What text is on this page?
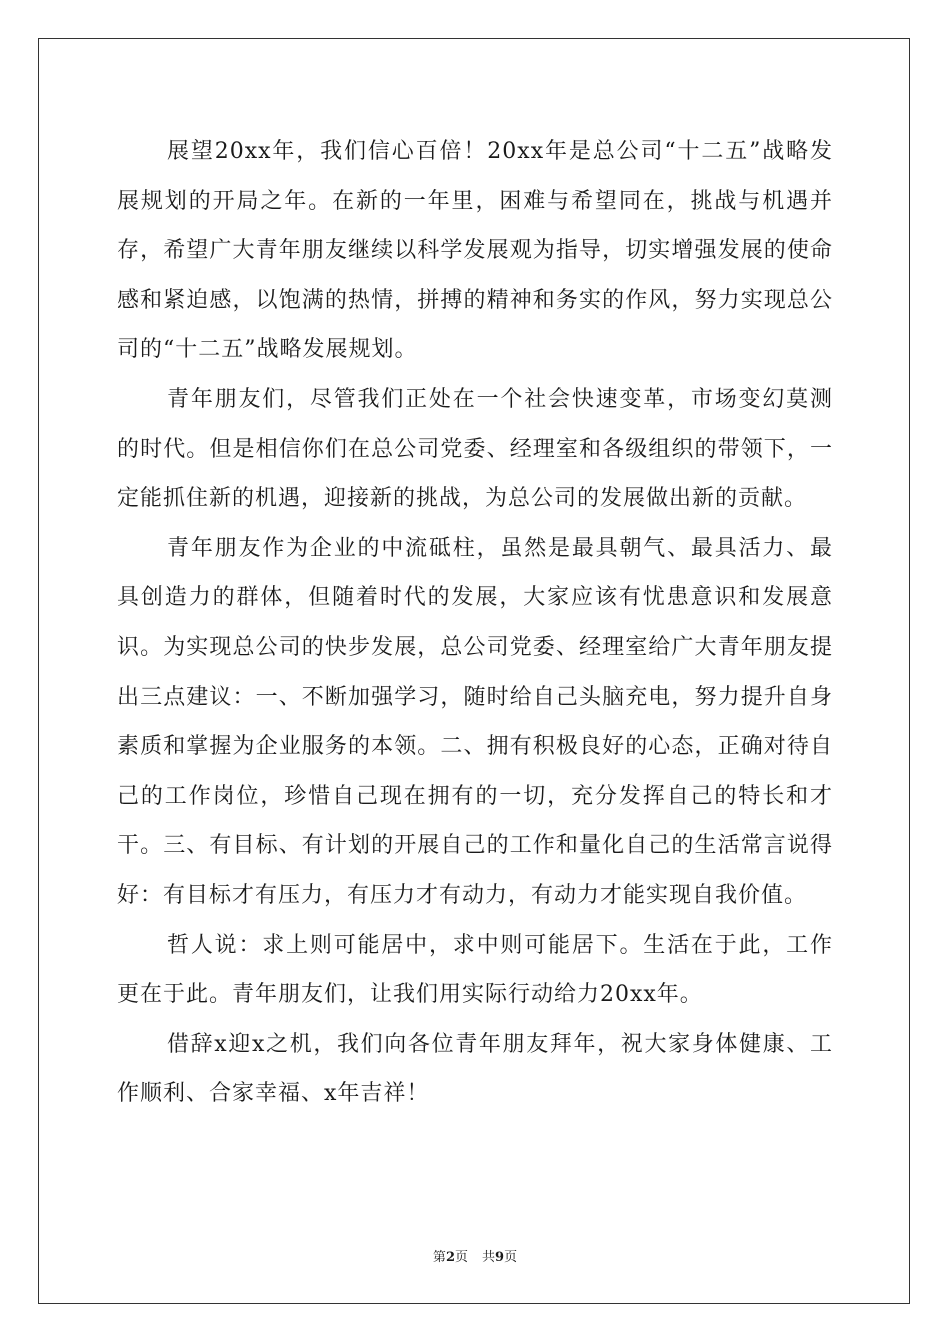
展望20xx年，我们信心百倍！20xx年是总公司“十二五”战略发展规划的开局之年。在新的一年里，困难与希望同在，挑战与机遇并存，希望广大青年朋友继续以科学发展观为指导，切实增强发展的使命感和紧迫感，以饱满的热情，拼搏的精神和务实的作风，努力实现总公司的“十二五”战略发展规划。

青年朋友们，尽管我们正处在一个社会快速变革，市场变幻莫测的时代。但是相信你们在总公司党委、经理室和各级组织的带领下，一定能抓住新的机遇，迎接新的挑战，为总公司的发展做出新的贡献。

青年朋友作为企业的中流砥柱，虽然是最具朝气、最具活力、最具创造力的群体，但随着时代的发展，大家应该有忧患意识和发展意识。为实现总公司的快步发展，总公司党委、经理室给广大青年朋友提出三点建议：一、不断加强学习，随时给自己头脑充电，努力提升自身素质和掌握为企业服务的本领。二、拥有积极良好的心态，正确对待自己的工作岗位，珍惜自己现在拥有的一切，充分发挥自己的特长和才干。三、有目标、有计划的开展自己的工作和量化自己的生活常言说得好：有目标才有压力，有压力才有动力，有动力才能实现自我价值。

哲人说：求上则可能居中，求中则可能居下。生活在于此，工作更在于此。青年朋友们，让我们用实际行动给力20xx年。

借辞x迎x之机，我们向各位青年朋友拜年，祝大家身体健康、工作顺利、合家幸福、x年吉祥！

第2页 共9页
